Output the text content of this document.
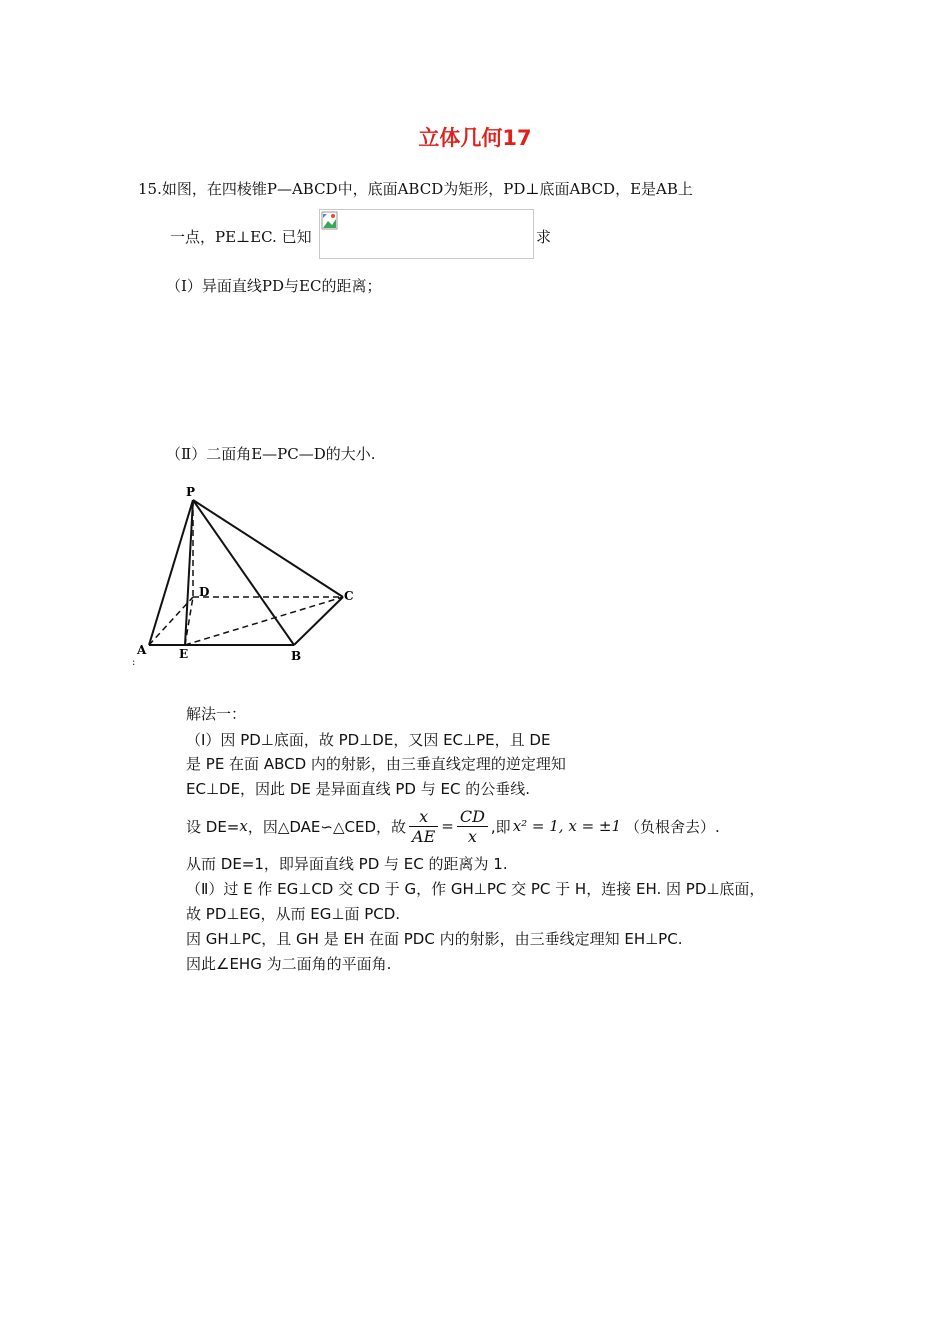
立体几何17
15.如图，在四棱锥P—ABCD中，底面ABCD为矩形，PD⊥底面ABCD，E是AB上
一点，PE⊥EC. 已知	求
（Ⅰ）异面直线PD与EC的距离；
（Ⅱ）二面角E—PC—D的大小.
P
D	C
A	E	B
:
解法一：
（Ⅰ）因 PD⊥底面，故 PD⊥DE，又因 EC⊥PE，且 DE
是 PE 在面 ABCD 内的射影，由三垂直线定理的逆定理知
EC⊥DE，因此 DE 是异面直线 PD 与 EC 的公垂线.
设 DE= x ，因△DAE∽△CED，故 $\frac{x}{AE} = \frac{CD}{x}$ ,即 x² = 1, x = ±1 （负根舍去）.
从而 DE=1，即异面直线 PD 与 EC 的距离为 1.
（Ⅱ）过 E 作 EG⊥CD 交 CD 于 G，作 GH⊥PC 交 PC 于 H，连接 EH. 因 PD⊥底面，
故 PD⊥EG，从而 EG⊥面 PCD.
因 GH⊥PC，且 GH 是 EH 在面 PDC 内的射影，由三垂线定理知 EH⊥PC.
因此∠EHG 为二面角的平面角.
